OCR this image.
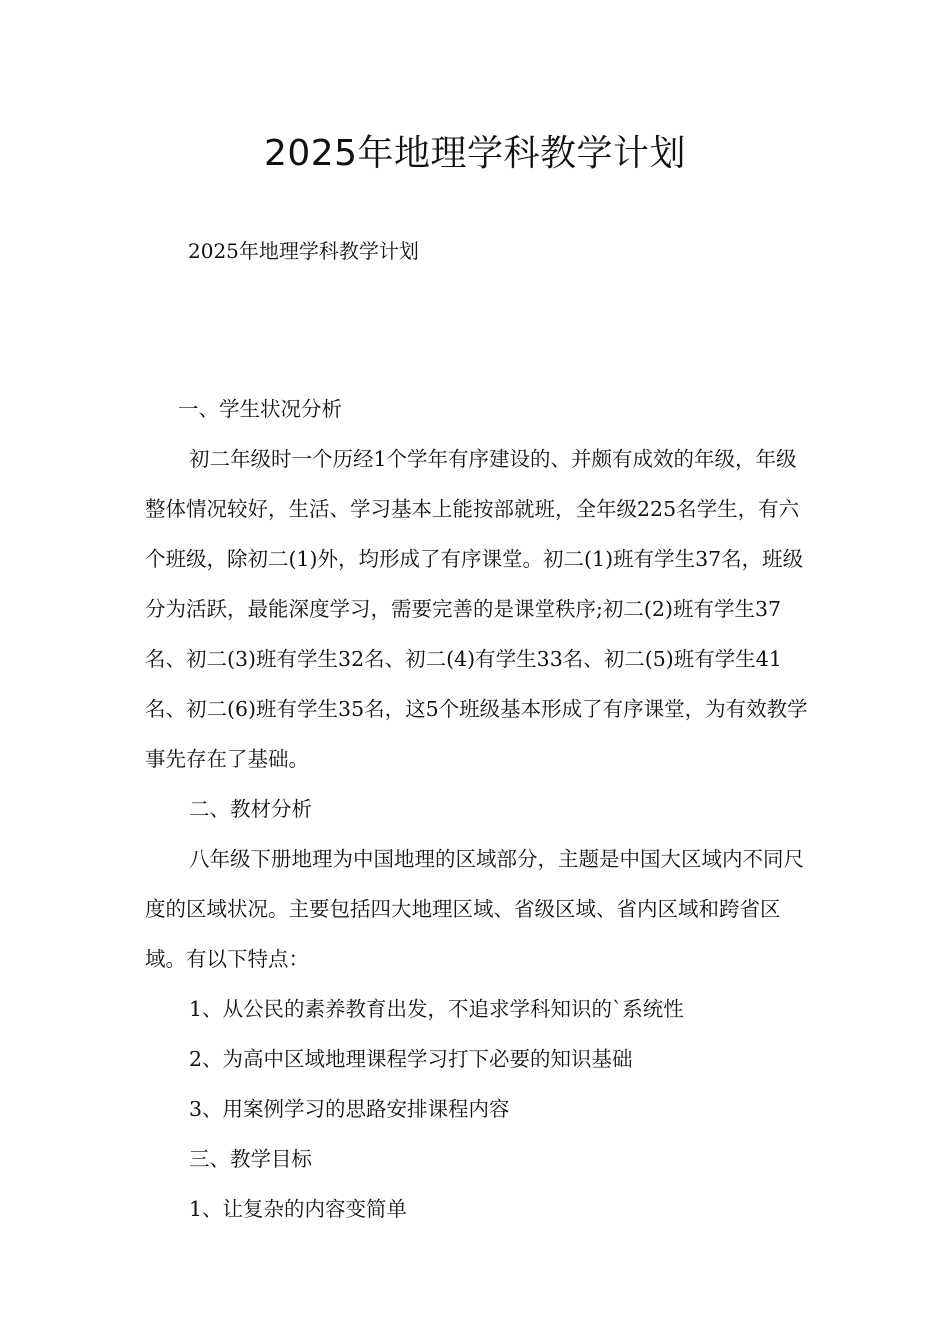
2025年地理学科教学计划
2025年地理学科教学计划

一、学生状况分析

初二年级时一个历经1个学年有序建设的、并颇有成效的年级，年级整体情况较好，生活、学习基本上能按部就班，全年级225名学生，有六个班级，除初二(1)外，均形成了有序课堂。初二(1)班有学生37名，班级分为活跃，最能深度学习，需要完善的是课堂秩序;初二(2)班有学生37名、初二(3)班有学生32名、初二(4)有学生33名、初二(5)班有学生41名、初二(6)班有学生35名，这5个班级基本形成了有序课堂，为有效教学事先存在了基础。

二、教材分析

八年级下册地理为中国地理的区域部分，主题是中国大区域内不同尺度的区域状况。主要包括四大地理区域、省级区域、省内区域和跨省区域。有以下特点：

1、从公民的素养教育出发，不追求学科知识的`系统性

2、为高中区域地理课程学习打下必要的知识基础

3、用案例学习的思路安排课程内容

三、教学目标

1、让复杂的内容变简单
